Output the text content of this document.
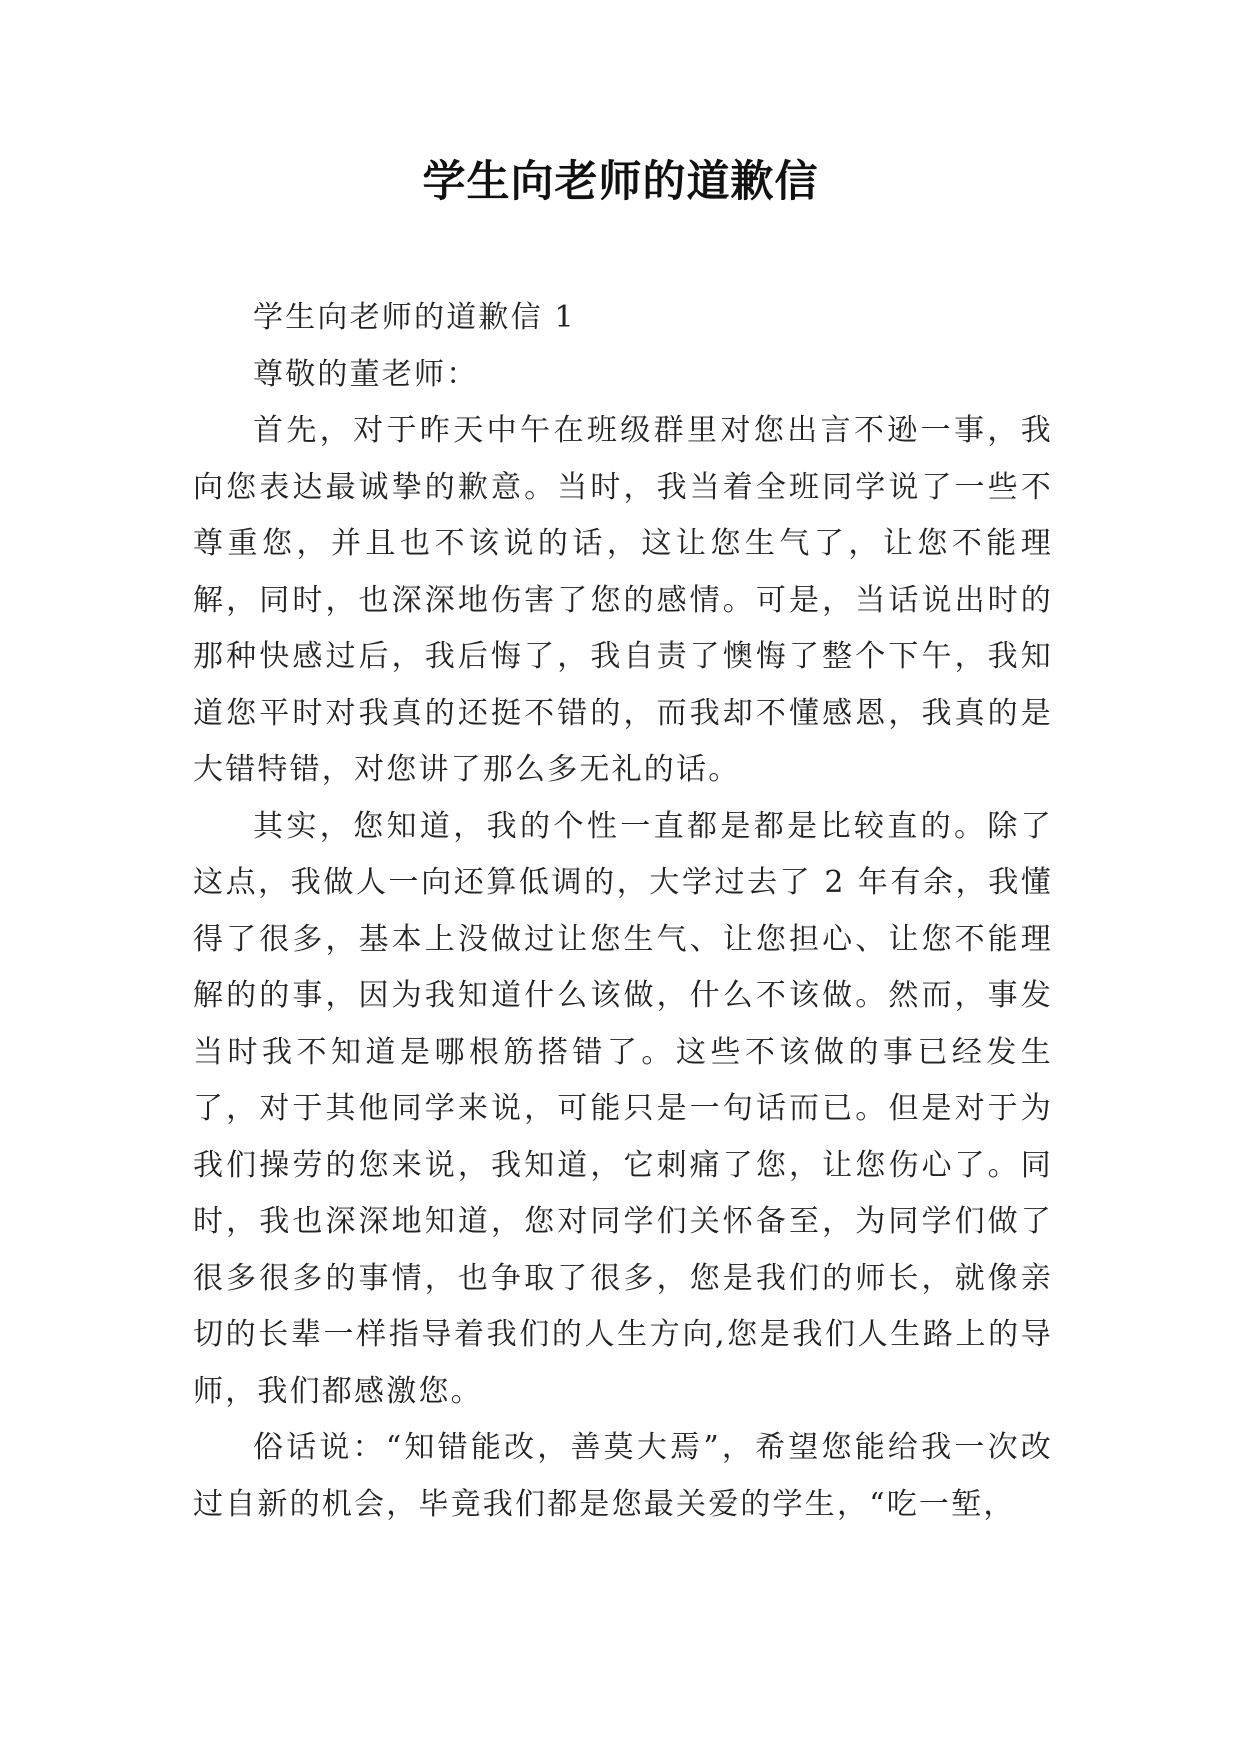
学生向老师的道歉信

学生向老师的道歉信 1

尊敬的董老师：

首先，对于昨天中午在班级群里对您出言不逊一事，我向您表达最诚挚的歉意。当时，我当着全班同学说了一些不尊重您，并且也不该说的话，这让您生气了，让您不能理解，同时，也深深地伤害了您的感情。可是，当话说出时的那种快感过后，我后悔了，我自责了懊悔了整个下午，我知道您平时对我真的还挺不错的，而我却不懂感恩，我真的是大错特错，对您讲了那么多无礼的话。

其实，您知道，我的个性一直都是都是比较直的。除了这点，我做人一向还算低调的，大学过去了 2 年有余，我懂得了很多，基本上没做过让您生气、让您担心、让您不能理解的的事，因为我知道什么该做，什么不该做。然而，事发当时我不知道是哪根筋搭错了。这些不该做的事已经发生了，对于其他同学来说，可能只是一句话而已。但是对于为我们操劳的您来说，我知道，它刺痛了您，让您伤心了。同时，我也深深地知道，您对同学们关怀备至，为同学们做了很多很多的事情，也争取了很多，您是我们的师长，就像亲切的长辈一样指导着我们的人生方向,您是我们人生路上的导师，我们都感激您。

俗话说：“知错能改，善莫大焉”，希望您能给我一次改过自新的机会，毕竟我们都是您最关爱的学生，“吃一堑，
